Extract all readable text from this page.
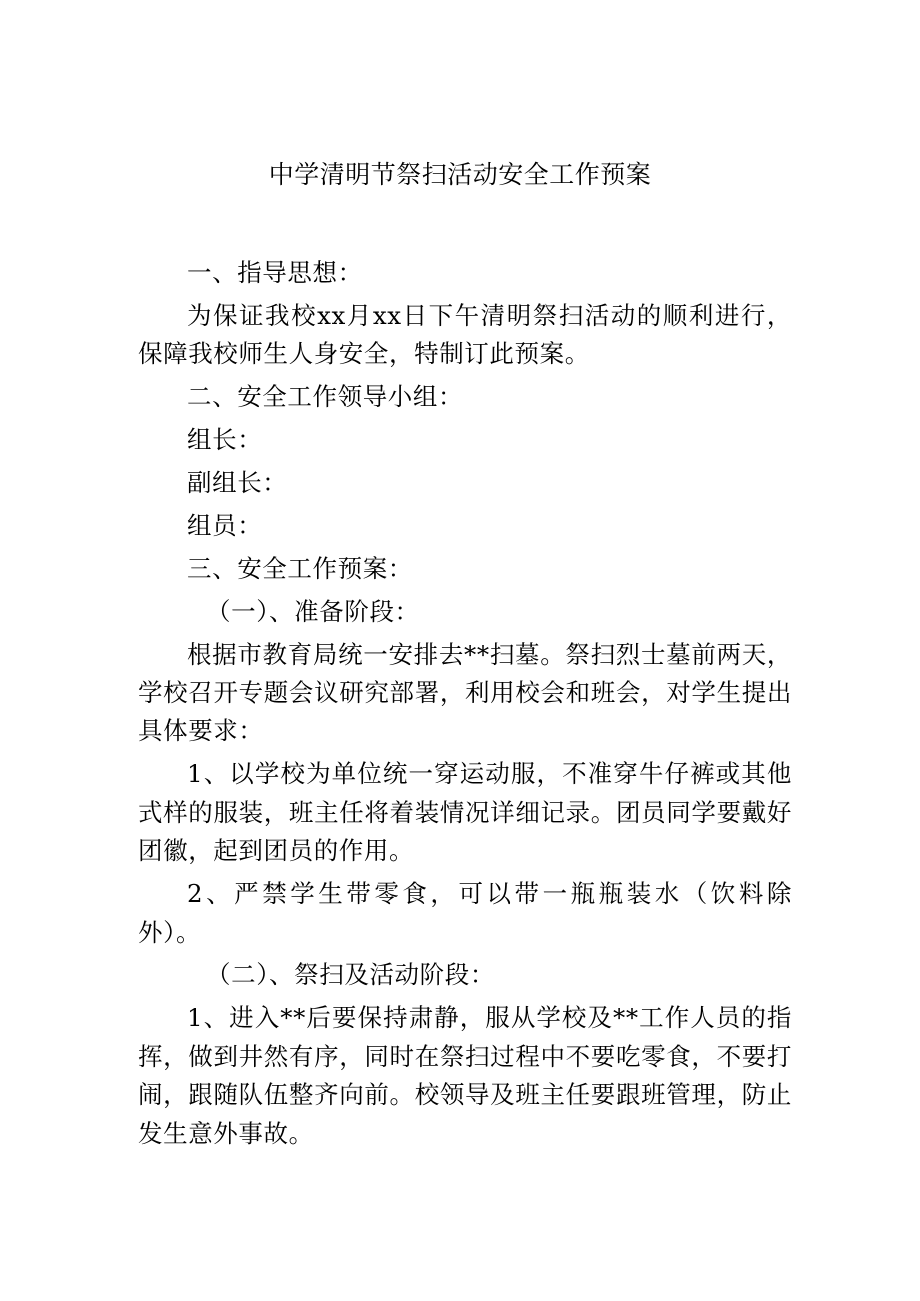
中学清明节祭扫活动安全工作预案

一、指导思想：

为保证我校xx月xx日下午清明祭扫活动的顺利进行，保障我校师生人身安全，特制订此预案。

二、安全工作领导小组：

组长：

副组长：

组员：

三、安全工作预案：

（一）、准备阶段：

根据市教育局统一安排去**扫墓。祭扫烈士墓前两天，学校召开专题会议研究部署，利用校会和班会，对学生提出具体要求：

1、以学校为单位统一穿运动服，不准穿牛仔裤或其他式样的服装，班主任将着装情况详细记录。团员同学要戴好团徽，起到团员的作用。

2、严禁学生带零食，可以带一瓶瓶装水（饮料除外）。

（二）、祭扫及活动阶段：

1、进入**后要保持肃静，服从学校及**工作人员的指挥，做到井然有序，同时在祭扫过程中不要吃零食，不要打闹，跟随队伍整齐向前。校领导及班主任要跟班管理，防止发生意外事故。
